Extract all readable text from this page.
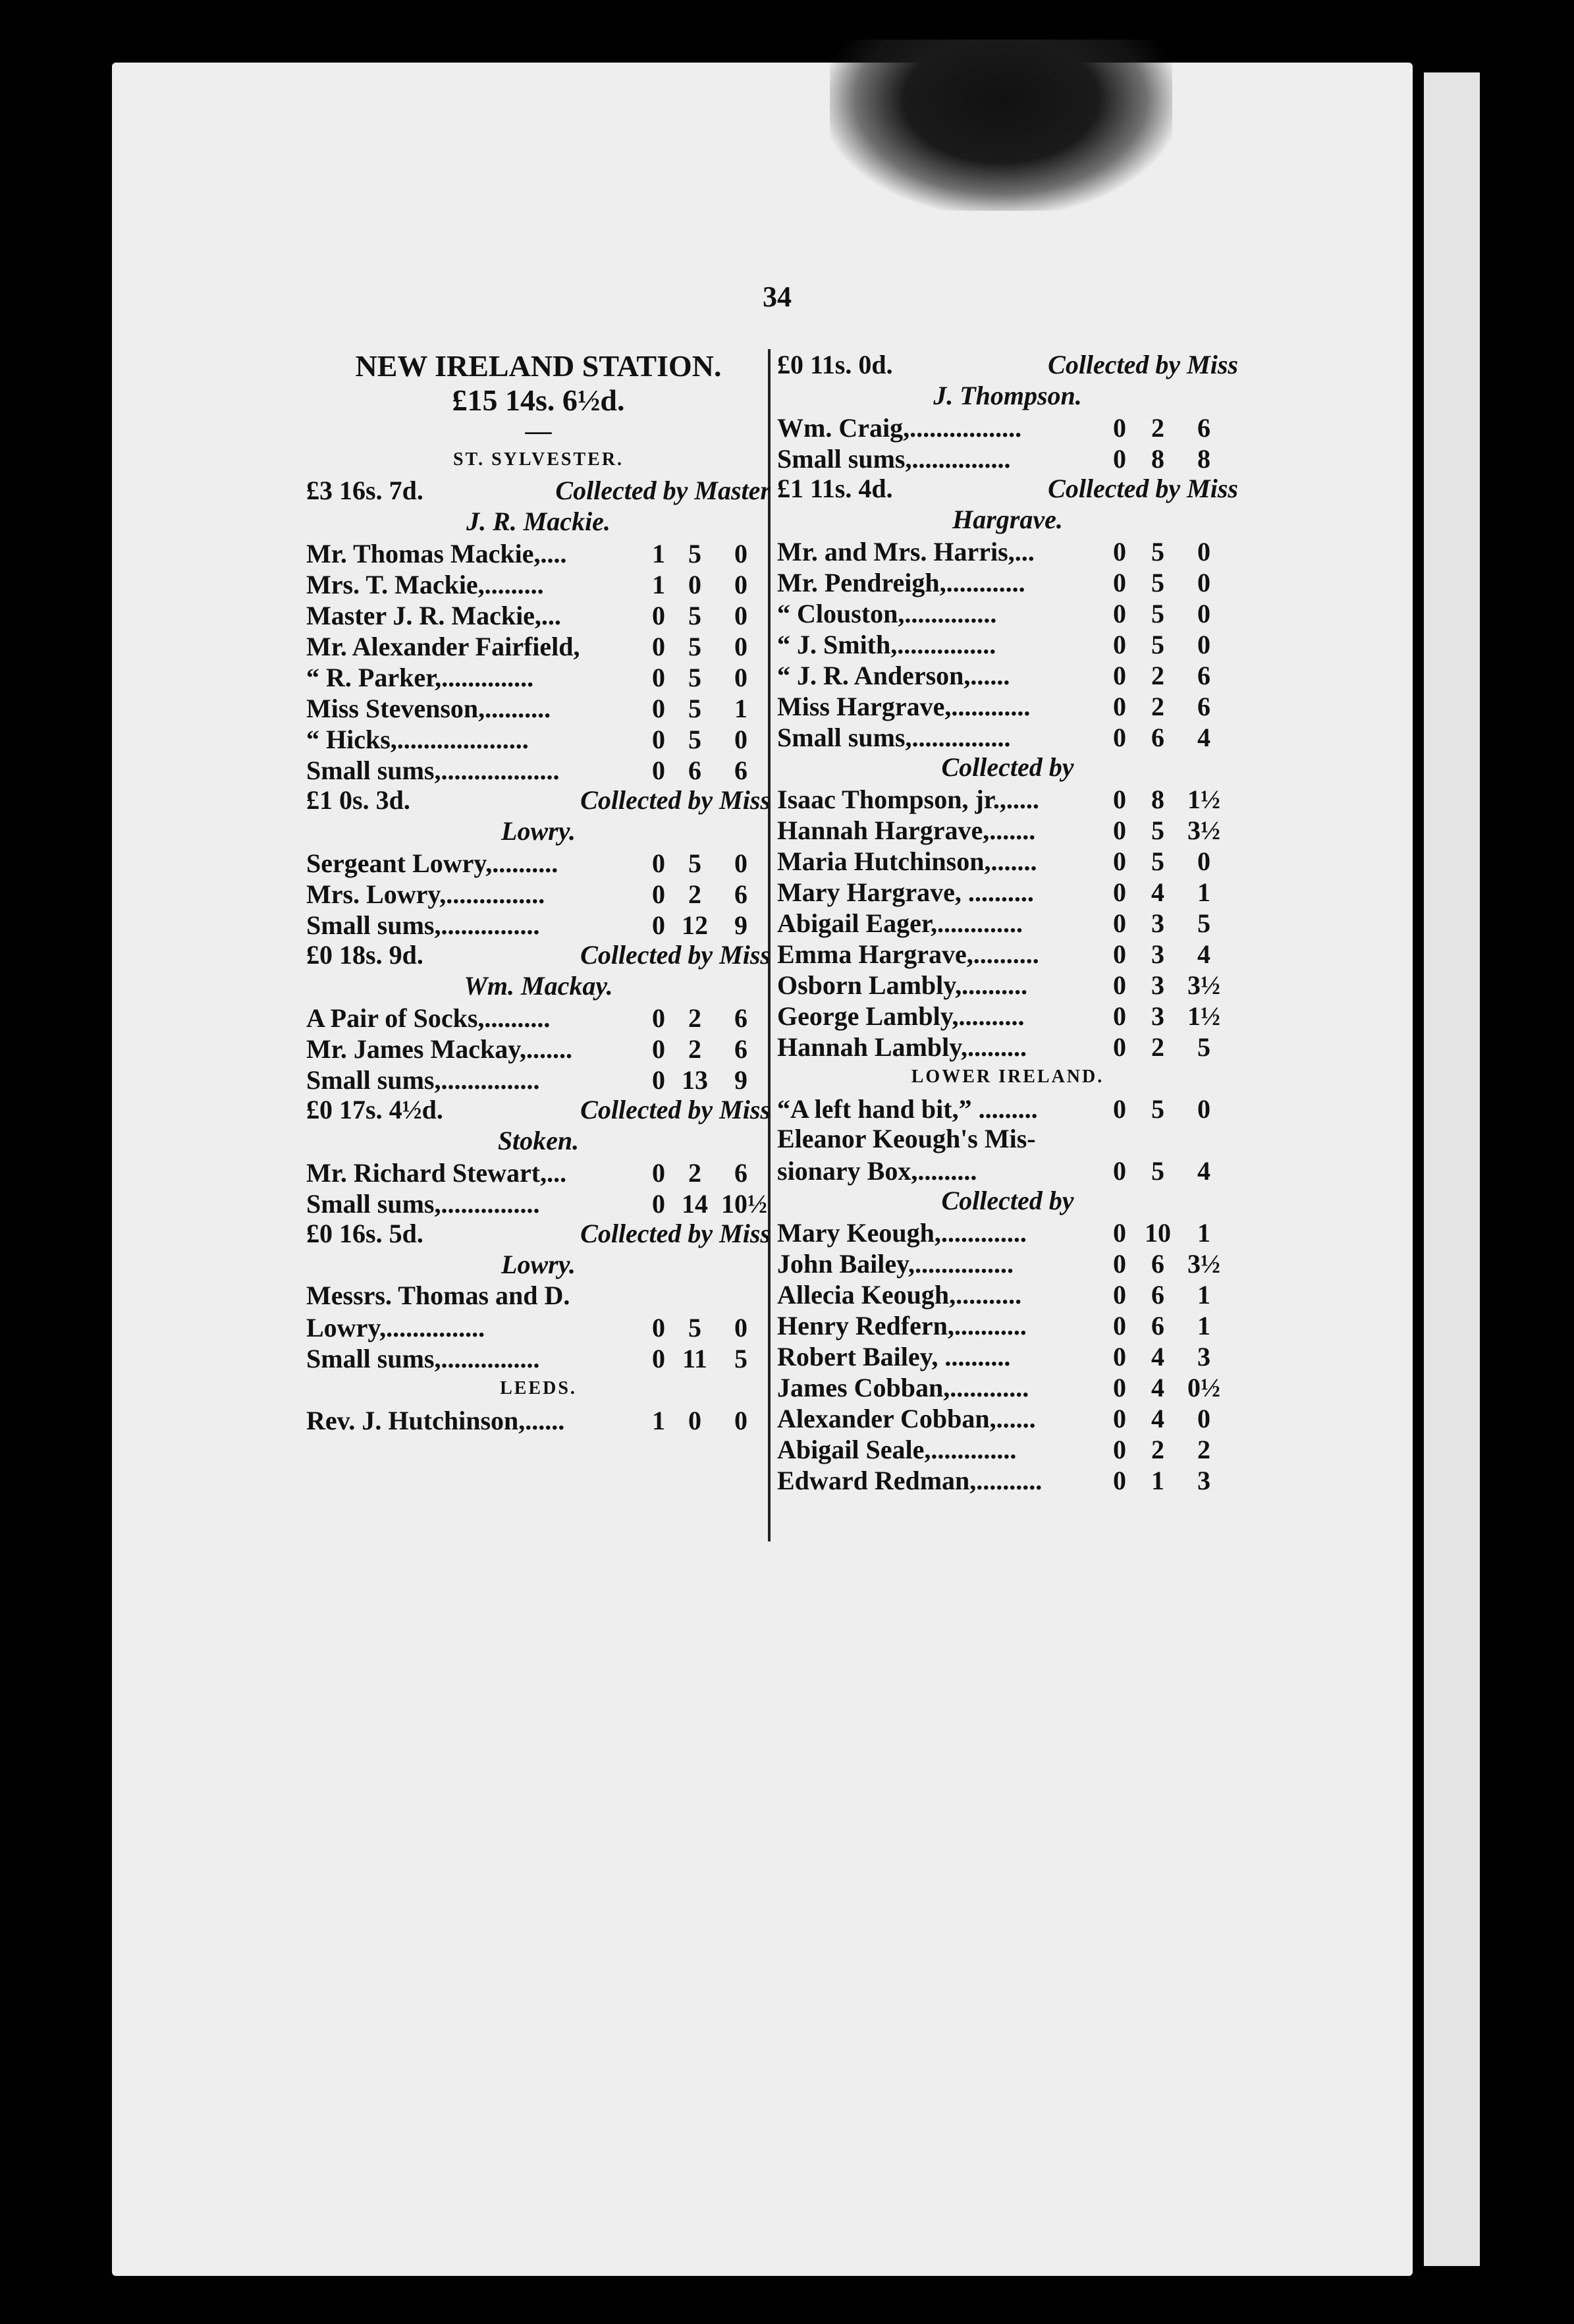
34
NEW IRELAND STATION.
£15 14s. 6½d.
—
ST. SYLVESTER.
£3 16s. 7d.	Collected by Master
J. R. Mackie.
Mr. Thomas Mackie,....	1 5	0
Mrs. T. Mackie,.........	1 0	0
Master J. R. Mackie,...	0 5	0
Mr. Alexander Fairfield,	0 5	0
“ R. Parker,..............	0 5	0
Miss Stevenson,..........	0 5	1
“ Hicks,....................	0 5	0
Small sums,..................	0 6	6
£1 0s. 3d.	Collected by Miss
Lowry.
Sergeant Lowry,..........	0 5	0
Mrs. Lowry,...............	0 2	6
Small sums,...............	0 12	9
£0 18s. 9d.	Collected by Miss
Wm. Mackay.
A Pair of Socks,..........	0 2	6
Mr. James Mackay,.......	0 2	6
Small sums,...............	0 13	9
£0 17s. 4½d.	Collected by Miss
Stoken.
Mr. Richard Stewart,...	0 2	6
Small sums,...............	0 14 10½
£0 16s. 5d.	Collected by Miss
Lowry.
Messrs. Thomas and D.
Lowry,...............	0 5	0
Small sums,...............	0 11	5
LEEDS.
Rev. J. Hutchinson,......	1 0	0
£0 11s. 0d.	Collected by Miss
J. Thompson.
Wm. Craig,.................	0 2	6
Small sums,...............	0 8	8
£1 11s. 4d.	Collected by Miss
Hargrave.
Mr. and Mrs. Harris,...	0 5	0
Mr. Pendreigh,............	0 5	0
“ Clouston,..............	0 5	0
“ J. Smith,...............	0 5	0
“ J. R. Anderson,......	0 2	6
Miss Hargrave,............	0 2	6
Small sums,...............	0 6	4
Collected by
Isaac Thompson, jr.,.....	0 8 1½
Hannah Hargrave,.......	0 5 3½
Maria Hutchinson,.......	0 5	0
Mary Hargrave, ..........	0 4	1
Abigail Eager,.............	0 3	5
Emma Hargrave,..........	0 3	4
Osborn Lambly,..........	0 3 3½
George Lambly,..........	0 3 1½
Hannah Lambly,.........	0 2	5
LOWER IRELAND.
“A left hand bit,” .........	0 5	0
Eleanor Keough's Mis-
sionary Box,.........	0 5	4
Collected by
Mary Keough,.............	0 10	1
John Bailey,...............	0 6 3½
Allecia Keough,..........	0 6	1
Henry Redfern,...........	0 6	1
Robert Bailey, ..........	0 4	3
James Cobban,............	0 4 0½
Alexander Cobban,......	0 4	0
Abigail Seale,.............	0 2	2
Edward Redman,..........	0 1	3
